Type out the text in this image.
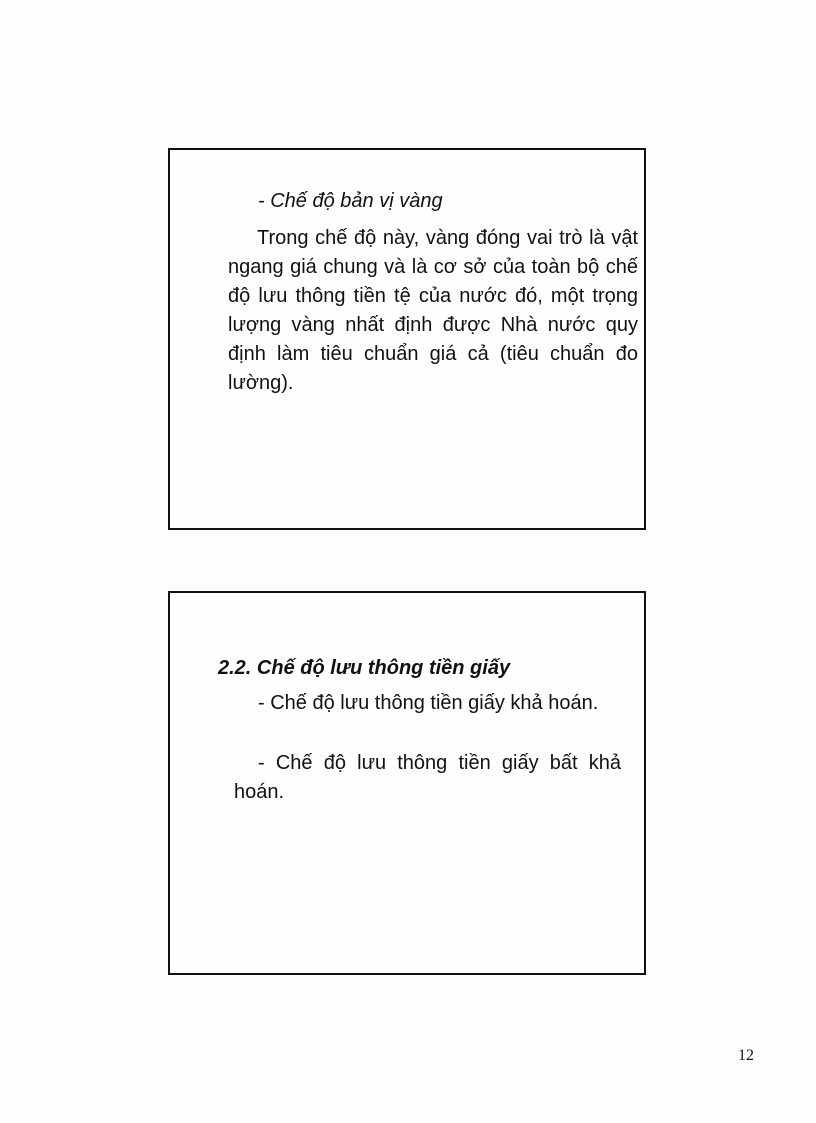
- Chế độ bản vị vàng

Trong chế độ này, vàng đóng vai trò là vật ngang giá chung và là cơ sở của toàn bộ chế độ lưu thông tiền tệ của nước đó, một trọng lượng vàng nhất định được Nhà nước quy định làm tiêu chuẩn giá cả (tiêu chuẩn đo lường).

2.2. Chế độ lưu thông tiền giấy

- Chế độ lưu thông tiền giấy khả hoán.

- Chế độ lưu thông tiền giấy bất khả hoán.

12
